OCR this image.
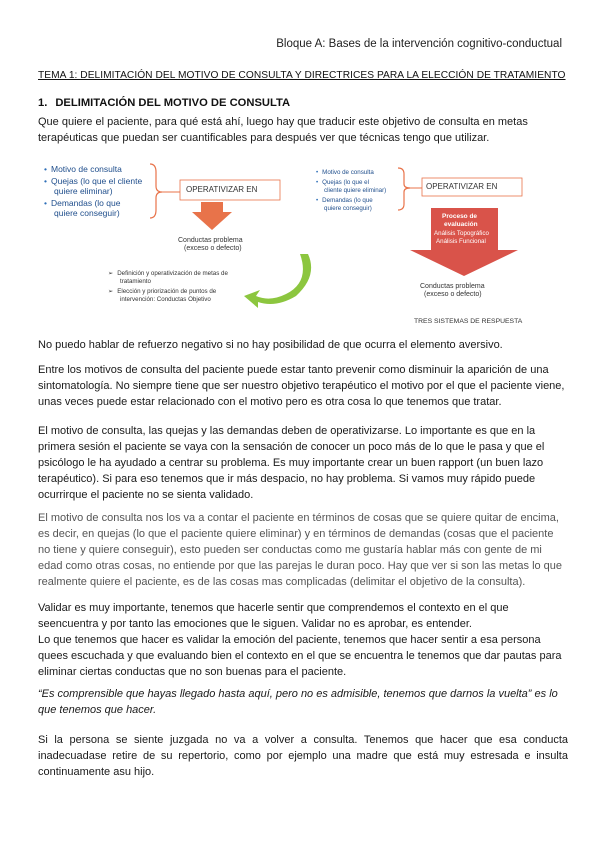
Bloque A: Bases de la intervención cognitivo-conductual
TEMA 1: DELIMITACIÓN DEL MOTIVO DE CONSULTA Y DIRECTRICES PARA LA ELECCIÓN DE TRATAMIENTO
1. DELIMITACIÓN DEL MOTIVO DE CONSULTA
Que quiere el paciente, para qué está ahí, luego hay que traducir este objetivo de consulta en metas terapéuticas que puedan ser cuantificables para después ver que técnicas tengo que utilizar.
• Motivo de consulta
• Quejas (lo que el cliente
quiere eliminar)
• Demandas (lo que
quiere conseguir)
OPERATIVIZAR EN
Conductas problema
(exceso o defecto)
➢ Definición y operativización de metas de
tratamiento
➢ Elección y priorización de puntos de
intervención: Conductas Objetivo
• Motivo de consulta
• Quejas (lo que el
cliente quiere eliminar)
• Demandas (lo que
quiere conseguir)
OPERATIVIZAR EN
Proceso de
evaluación
Análisis Topográfico
Análisis Funcional
Conductas problema
(exceso o defecto)
TRES SISTEMAS DE RESPUESTA
No puedo hablar de refuerzo negativo si no hay posibilidad de que ocurra el elemento aversivo.
Entre los motivos de consulta del paciente puede estar tanto prevenir como disminuir la aparición de una sintomatología. No siempre tiene que ser nuestro objetivo terapéutico el motivo por el que el paciente viene, unas veces puede estar relacionado con el motivo pero es otra cosa lo que tenemos que tratar.
El motivo de consulta, las quejas y las demandas deben de operativizarse. Lo importante es que en la primera sesión el paciente se vaya con la sensación de conocer un poco más de lo que le pasa y que el psicólogo le ha ayudado a centrar su problema. Es muy importante crear un buen rapport (un buen lazo terapéutico). Si para eso tenemos que ir más despacio, no hay problema. Si vamos muy rápido puede ocurrirque el paciente no se sienta validado.
El motivo de consulta nos los va a contar el paciente en términos de cosas que se quiere quitar de encima, es decir, en quejas (lo que el paciente quiere eliminar) y en términos de demandas (cosas que el paciente no tiene y quiere conseguir), esto pueden ser conductas como me gustaría hablar más con gente de mi edad como otras cosas, no entiende por que las parejas le duran poco. Hay que ver si son las metas lo que realmente quiere el paciente, es de las cosas mas complicadas (delimitar el objetivo de la consulta).
Validar es muy importante, tenemos que hacerle sentir que comprendemos el contexto en el que seencuentra y por tanto las emociones que le siguen. Validar no es aprobar, es entender.
Lo que tenemos que hacer es validar la emoción del paciente, tenemos que hacer sentir a esa persona quees escuchada y que evaluando bien el contexto en el que se encuentra le tenemos que dar pautas para eliminar ciertas conductas que no son buenas para el paciente.
“Es comprensible que hayas llegado hasta aquí, pero no es admisible, tenemos que darnos la vuelta” es lo que tenemos que hacer.
Si la persona se siente juzgada no va a volver a consulta. Tenemos que hacer que esa conducta inadecuadase retire de su repertorio, como por ejemplo una madre que está muy estresada e insulta continuamente asu hijo.
